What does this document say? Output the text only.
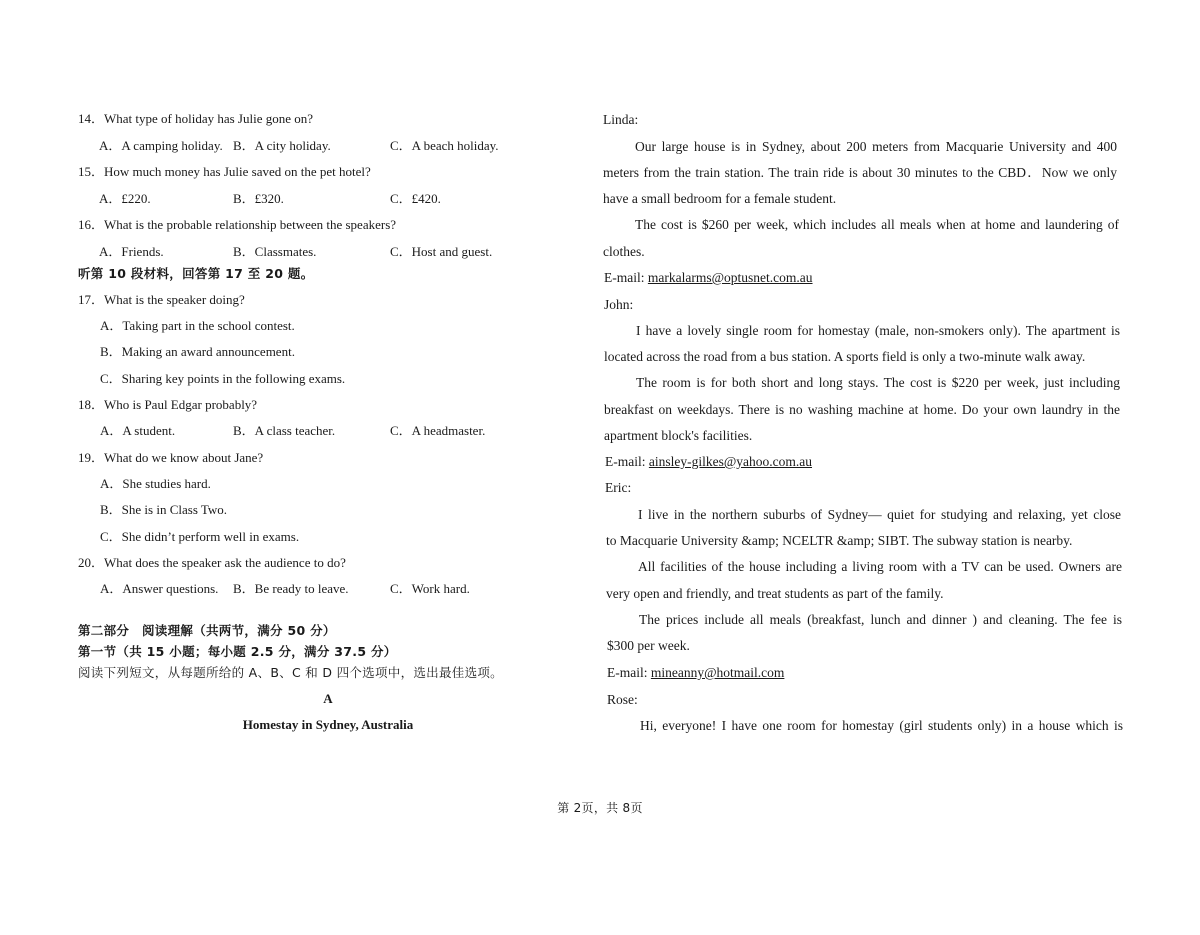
14．What type of holiday has Julie gone on?
A．A camping holiday. B．A city holiday.	C．A beach holiday.
15．How much money has Julie saved on the pet hotel?
A．£220.	B．£320.	C．£420.
16．What is the probable relationship between the speakers?
A．Friends.	B．Classmates.	C．Host and guest.
听第 10 段材料，回答第 17 至 20 题。
17．What is the speaker doing?
A．Taking part in the school contest.
B．Making an award announcement.
C．Sharing key points in the following exams.
18．Who is Paul Edgar probably?
A．A student.	B．A class teacher.	C．A headmaster.
19．What do we know about Jane?
A．She studies hard.
B．She is in Class Two.
C．She didn’t perform well in exams.
20．What does the speaker ask the audience to do?
A．Answer questions. B．Be ready to leave.	C．Work hard.
第二部分　阅读理解（共两节，满分 50 分）
第一节（共 15 小题；每小题 2.5 分，满分 37.5 分）
阅读下列短文，从每题所给的 A、B、C 和 D 四个选项中，选出最佳选项。
A
Homestay in Sydney, Australia
Linda:
Our large house is in Sydney, about 200 meters from Macquarie University and 400
meters from the train station. The train ride is about 30 minutes to the CBD．Now we only
have a small bedroom for a female student.
The cost is $260 per week, which includes all meals when at home and laundering of
clothes.
E-mail: markalarms@optusnet.com.au
John:
I have a lovely single room for homestay (male, non-smokers only). The apartment is
located across the road from a bus station. A sports field is only a two-minute walk away.
The room is for both short and long stays. The cost is $220 per week, just including
breakfast on weekdays. There is no washing machine at home. Do your own laundry in the
apartment block's facilities.
E-mail: ainsley-gilkes@yahoo.com.au
Eric:
I live in the northern suburbs of Sydney— quiet for studying and relaxing, yet close
to Macquarie University &amp; NCELTR &amp; SIBT. The subway station is nearby.
All facilities of the house including a living room with a TV can be used. Owners are
very open and friendly, and treat students as part of the family.
The prices include all meals (breakfast, lunch and dinner ) and cleaning. The fee is
$300 per week.
E-mail: mineanny@hotmail.com
Rose:
Hi, everyone! I have one room for homestay (girl students only) in a house which is
第 2页，共 8页
